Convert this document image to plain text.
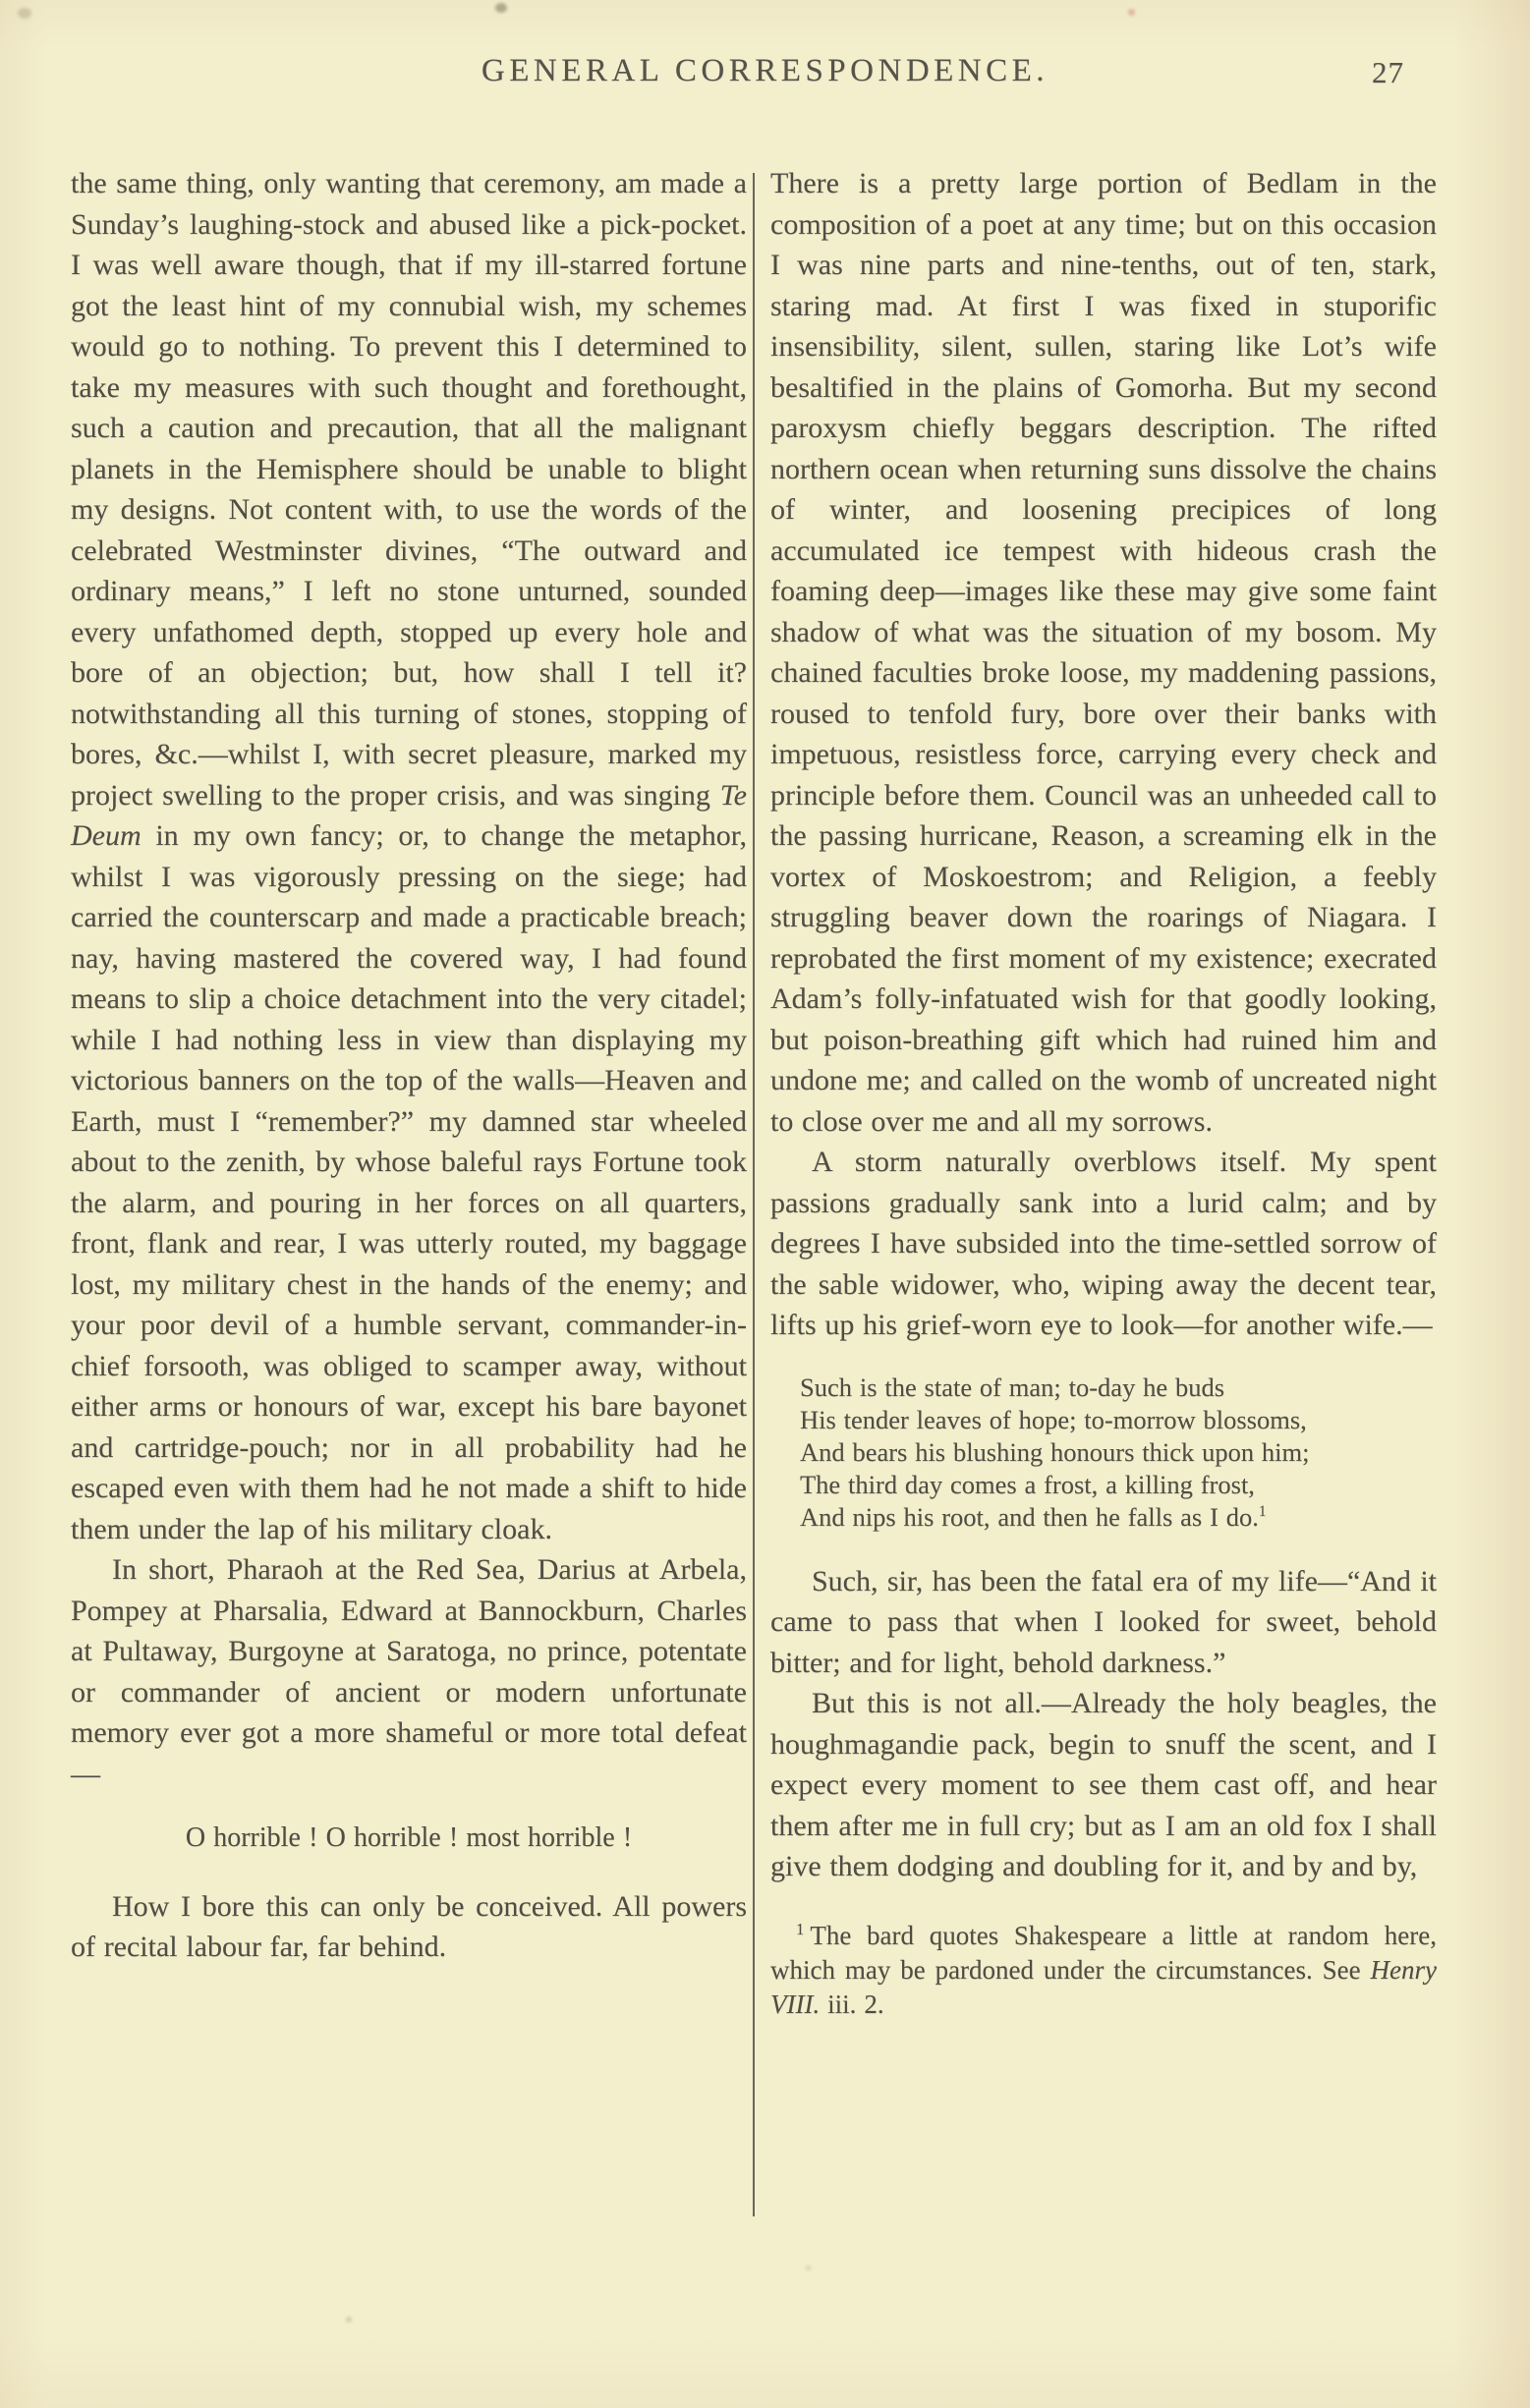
GENERAL CORRESPONDENCE.	27

the same thing, only wanting that ceremony, am made a Sunday’s laughing-stock and abused like a pick-pocket. I was well aware though, that if my ill-starred fortune got the least hint of my connubial wish, my schemes would go to nothing. To prevent this I determined to take my measures with such thought and forethought, such a caution and precaution, that all the malignant planets in the Hemisphere should be unable to blight my designs. Not content with, to use the words of the celebrated Westminster divines, “The outward and ordinary means,” I left no stone unturned, sounded every unfathomed depth, stopped up every hole and bore of an objection; but, how shall I tell it? notwithstanding all this turning of stones, stopping of bores, &c.—whilst I, with secret pleasure, marked my project swelling to the proper crisis, and was singing Te Deum in my own fancy; or, to change the metaphor, whilst I was vigorously pressing on the siege; had carried the counterscarp and made a practicable breach; nay, having mastered the covered way, I had found means to slip a choice detachment into the very citadel; while I had nothing less in view than displaying my victorious banners on the top of the walls—Heaven and Earth, must I “remember?” my damned star wheeled about to the zenith, by whose baleful rays Fortune took the alarm, and pouring in her forces on all quarters, front, flank and rear, I was utterly routed, my baggage lost, my military chest in the hands of the enemy; and your poor devil of a humble servant, commander-in-chief forsooth, was obliged to scamper away, without either arms or honours of war, except his bare bayonet and cartridge-pouch; nor in all probability had he escaped even with them had he not made a shift to hide them under the lap of his military cloak.

In short, Pharaoh at the Red Sea, Darius at Arbela, Pompey at Pharsalia, Edward at Bannockburn, Charles at Pultaway, Burgoyne at Saratoga, no prince, potentate or commander of ancient or modern unfortunate memory ever got a more shameful or more total defeat—

O horrible ! O horrible ! most horrible !

How I bore this can only be conceived. All powers of recital labour far, far behind.

There is a pretty large portion of Bedlam in the composition of a poet at any time; but on this occasion I was nine parts and nine-tenths, out of ten, stark, staring mad. At first I was fixed in stuporific insensibility, silent, sullen, staring like Lot’s wife besaltified in the plains of Gomorha. But my second paroxysm chiefly beggars description. The rifted northern ocean when returning suns dissolve the chains of winter, and loosening precipices of long accumulated ice tempest with hideous crash the foaming deep—images like these may give some faint shadow of what was the situation of my bosom. My chained faculties broke loose, my maddening passions, roused to tenfold fury, bore over their banks with impetuous, resistless force, carrying every check and principle before them. Council was an unheeded call to the passing hurricane, Reason, a screaming elk in the vortex of Moskoestrom; and Religion, a feebly struggling beaver down the roarings of Niagara. I reprobated the first moment of my existence; execrated Adam’s folly-infatuated wish for that goodly looking, but poison-breathing gift which had ruined him and undone me; and called on the womb of uncreated night to close over me and all my sorrows.

A storm naturally overblows itself. My spent passions gradually sank into a lurid calm; and by degrees I have subsided into the time-settled sorrow of the sable widower, who, wiping away the decent tear, lifts up his grief-worn eye to look—for another wife.—

Such is the state of man; to-day he buds
His tender leaves of hope; to-morrow blossoms,
And bears his blushing honours thick upon him;
The third day comes a frost, a killing frost,
And nips his root, and then he falls as I do.$^1$

Such, sir, has been the fatal era of my life—“And it came to pass that when I looked for sweet, behold bitter; and for light, behold darkness.”

But this is not all.—Already the holy beagles, the houghmagandie pack, begin to snuff the scent, and I expect every moment to see them cast off, and hear them after me in full cry; but as I am an old fox I shall give them dodging and doubling for it, and by and by,

$^1$ The bard quotes Shakespeare a little at random here, which may be pardoned under the circumstances. See Henry VIII. iii. 2.
